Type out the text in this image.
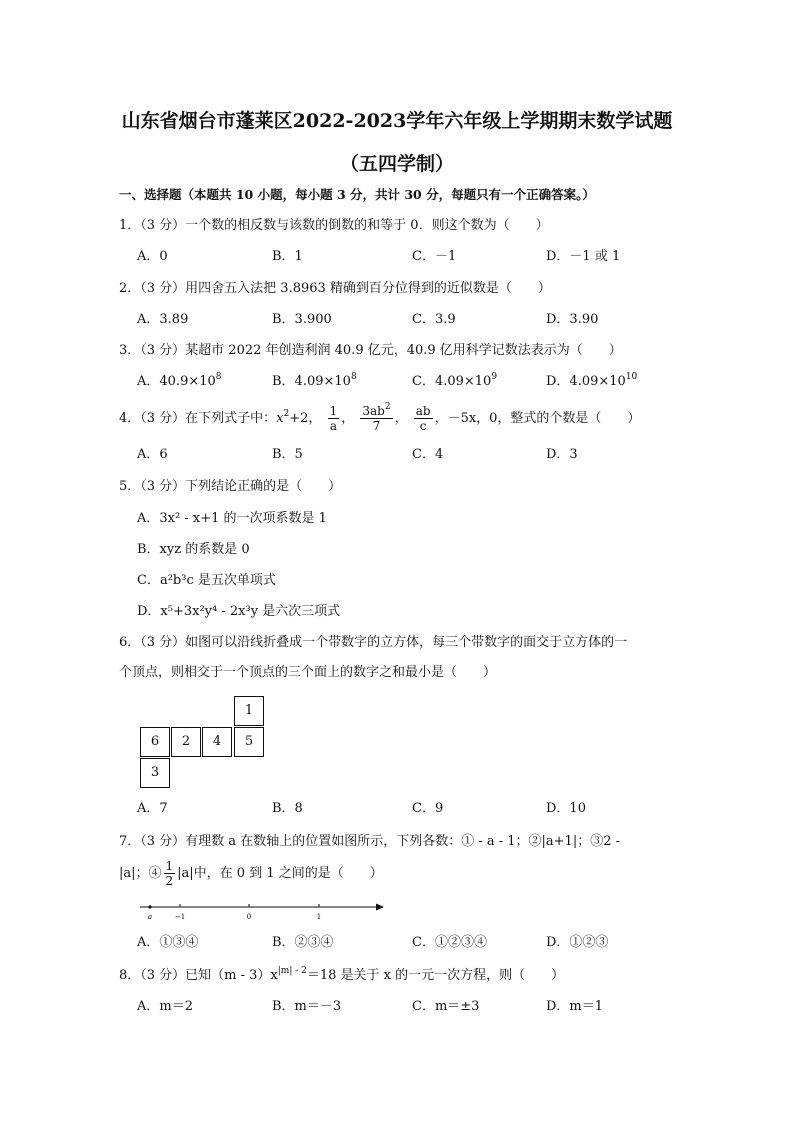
山东省烟台市蓬莱区2022-2023学年六年级上学期期末数学试题
（五四学制）
一、选择题（本题共 10 小题，每小题 3 分，共计 30 分，每题只有一个正确答案。）
1．（3 分）一个数的相反数与该数的倒数的和等于 0．则这个数为（　　）
A．0	B．1	C．－1	D．－1 或 1
2．（3 分）用四舍五入法把 3.8963 精确到百分位得到的近似数是（　　）
A．3.89	B．3.900	C．3.9	D．3.90
3．（3 分）某超市 2022 年创造利润 40.9 亿元，40.9 亿用科学记数法表示为（　　）
A．$40.9\times 10^8$	B．$4.09\times 10^8$	C．$4.09\times 10^9$	D．$4.09\times 10^{10}$
4．（3 分）在下列式子中：$x^2+2$， $\frac{1}{a}$ ， $\frac{3ab^2}{7}$ ， $\frac{ab}{c}$ ，－5x，0，整式的个数是（　　）
A．6	B．5	C．4	D．3
5．（3 分）下列结论正确的是（　　）
A．3x² - x+1 的一次项系数是 1
B．xyz 的系数是 0
C．a²b³c 是五次单项式
D．x⁵+3x²y⁴ - 2x³y 是六次三项式
6．（3 分）如图可以沿线折叠成一个带数字的立方体，每三个带数字的面交于立方体的一
个顶点，则相交于一个顶点的三个面上的数字之和最小是（　　）
1
6	2	4	5
3
A．7	B．8	C．9	D．10
7．（3 分）有理数 a 在数轴上的位置如图所示，下列各数：① - a - 1；②|a+1|；③2 -
|a|；④ $\frac{1}{2} |a|$中，在 0 到 1 之间的是（　　）
a	−1	0	1
A．①③④	B．②③④	C．①②③④	D．①②③
8．（3 分）已知$(m - 3)x^{|m| - 2}=18$ 是关于 x 的一元一次方程，则（　　）
A．m＝2	B．m＝－3	C．m＝±3	D．m＝1
